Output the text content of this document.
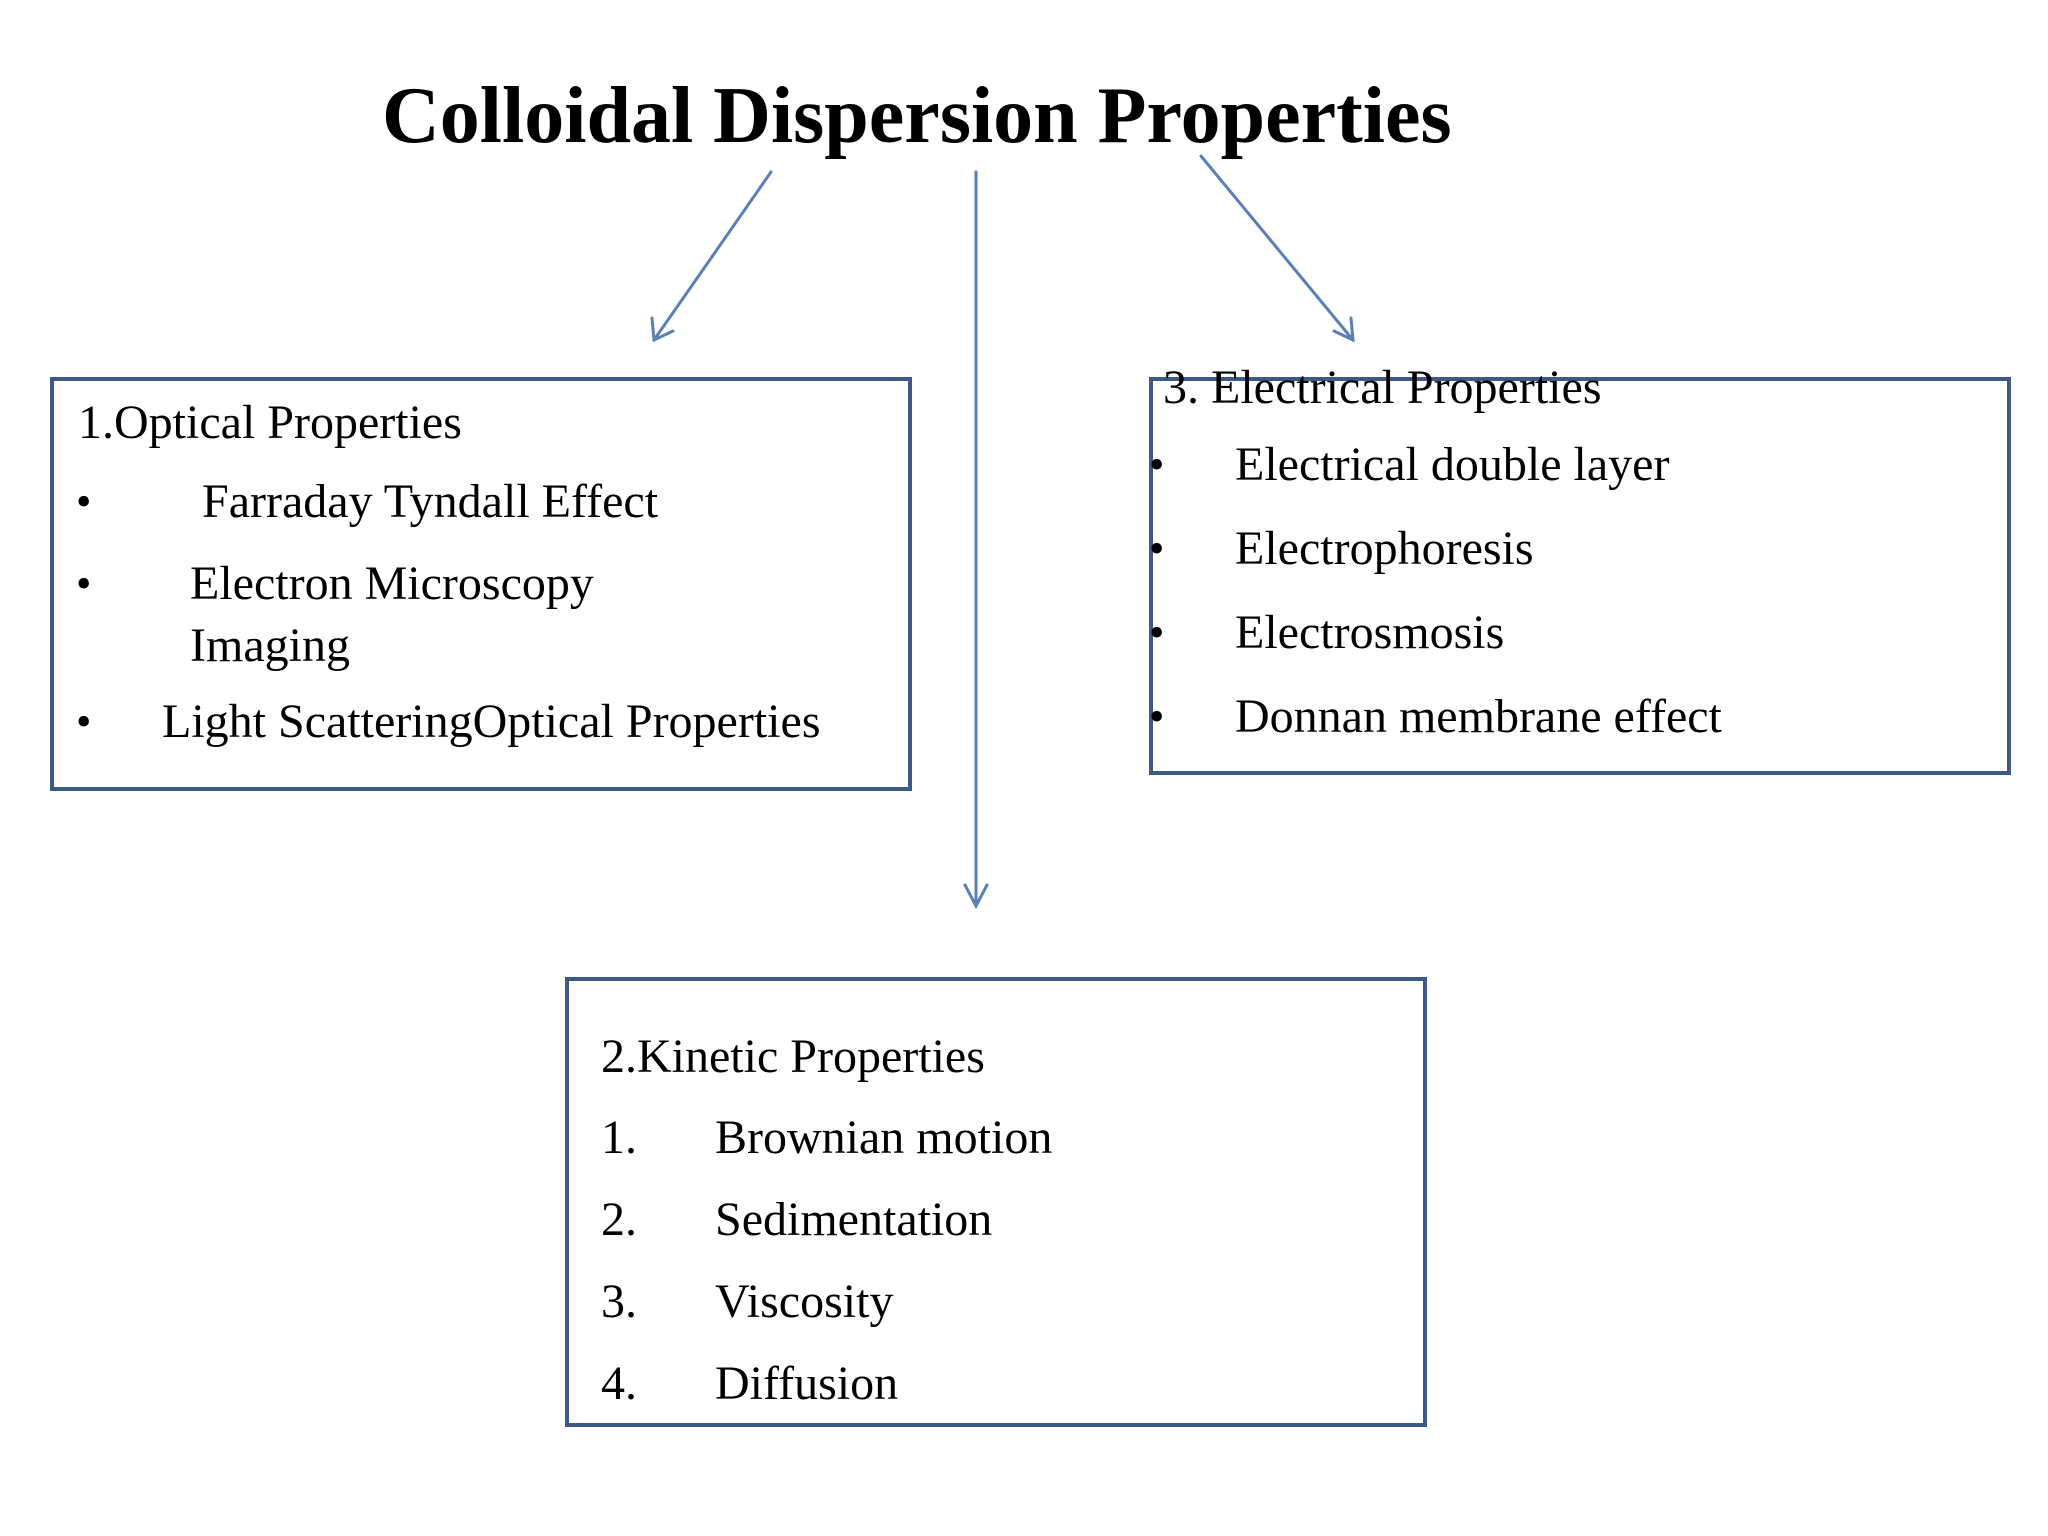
Colloidal Dispersion Properties
1.Optical Properties
• Farraday Tyndall Effect
• Electron Microscopy
Imaging
• Light ScatteringOptical Properties
3. Electrical Properties
• Electrical double layer
• Electrophoresis
• Electrosmosis
• Donnan membrane effect
2.Kinetic Properties
1. Brownian motion
2. Sedimentation
3. Viscosity
4. Diffusion
